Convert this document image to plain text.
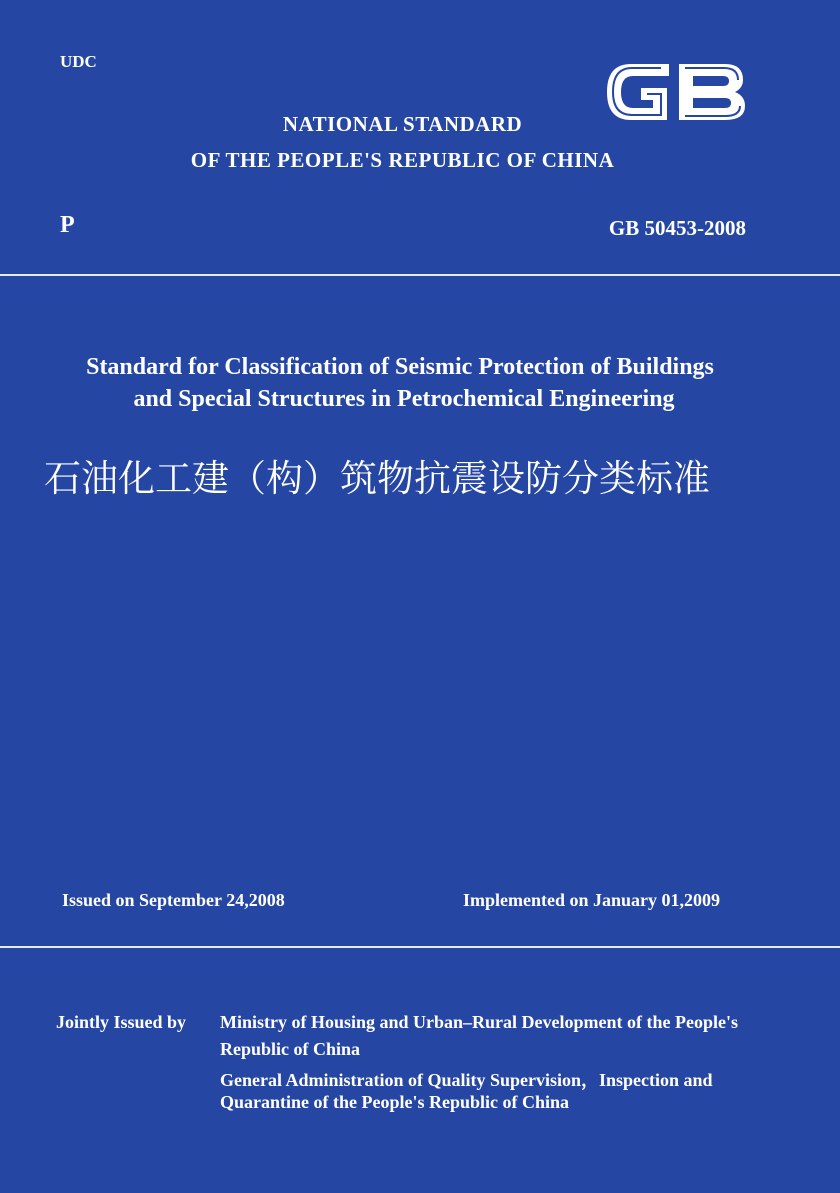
UDC
NATIONAL STANDARD
OF THE PEOPLE'S REPUBLIC OF CHINA
P	GB 50453-2008
Standard for Classification of Seismic Protection of Buildings
and Special Structures in Petrochemical Engineering
石油化工建（构）筑物抗震设防分类标准
Issued on September 24,2008	Implemented on January 01,2009
Jointly Issued by Ministry of Housing and Urban–Rural Development of the People's
Republic of China
General Administration of Quality Supervision，Inspection and
Quarantine of the People's Republic of China
